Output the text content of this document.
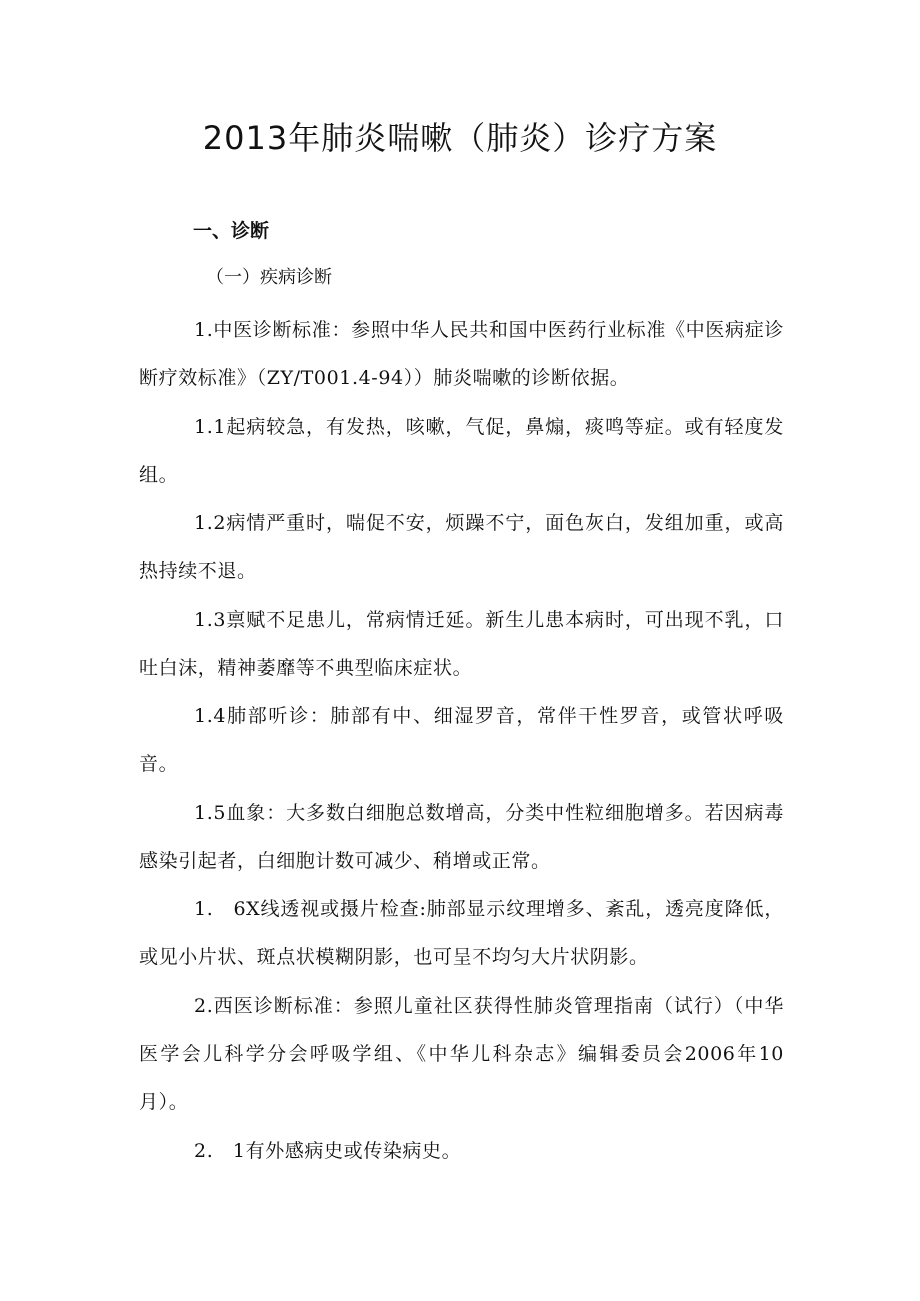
2013年肺炎喘嗽（肺炎）诊疗方案
一、诊断
（一）疾病诊断
1.中医诊断标准：参照中华人民共和国中医药行业标准《中医病症诊断疗效标准》（ZY/T001.4-94））肺炎喘嗽的诊断依据。
1.1起病较急，有发热，咳嗽，气促，鼻煽，痰鸣等症。或有轻度发组。
1.2病情严重时，喘促不安，烦躁不宁，面色灰白，发组加重，或高热持续不退。
1.3禀赋不足患儿，常病情迁延。新生儿患本病时，可出现不乳，口吐白沫，精神萎靡等不典型临床症状。
1.4肺部听诊：肺部有中、细湿罗音，常伴干性罗音，或管状呼吸音。
1.5血象：大多数白细胞总数增高，分类中性粒细胞增多。若因病毒感染引起者，白细胞计数可减少、稍增或正常。
1.　6X线透视或摄片检查:肺部显示纹理增多、紊乱，透亮度降低，或见小片状、斑点状模糊阴影，也可呈不均匀大片状阴影。
2.西医诊断标准：参照儿童社区获得性肺炎管理指南（试行）（中华医学会儿科学分会呼吸学组、《中华儿科杂志》编辑委员会2006年10月）。
2.　1有外感病史或传染病史。
